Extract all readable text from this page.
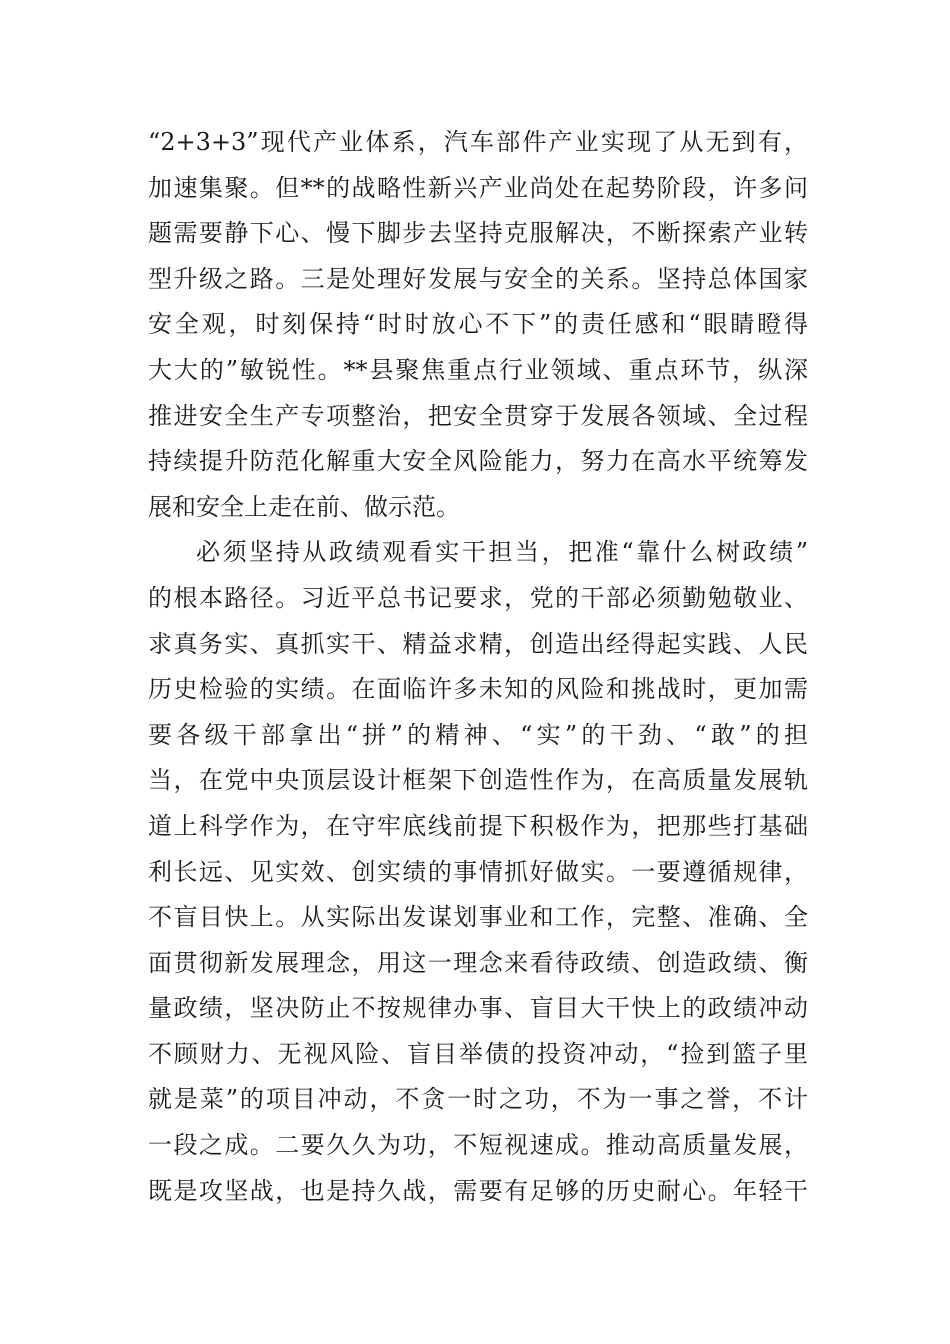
“2+3+3”现代产业体系，汽车部件产业实现了从无到有，
加速集聚。但**的战略性新兴产业尚处在起势阶段，许多问
题需要静下心、慢下脚步去坚持克服解决，不断探索产业转
型升级之路。三是处理好发展与安全的关系。坚持总体国家
安全观，时刻保持“时时放心不下”的责任感和“眼睛瞪得
大大的”敏锐性。**县聚焦重点行业领域、重点环节，纵深
推进安全生产专项整治，把安全贯穿于发展各领域、全过程
持续提升防范化解重大安全风险能力，努力在高水平统筹发
展和安全上走在前、做示范。
必须坚持从政绩观看实干担当，把准“靠什么树政绩”
的根本路径。习近平总书记要求，党的干部必须勤勉敬业、
求真务实、真抓实干、精益求精，创造出经得起实践、人民
历史检验的实绩。在面临许多未知的风险和挑战时，更加需
要各级干部拿出“拼”的精神、“实”的干劲、“敢”的担
当，在党中央顶层设计框架下创造性作为，在高质量发展轨
道上科学作为，在守牢底线前提下积极作为，把那些打基础
利长远、见实效、创实绩的事情抓好做实。一要遵循规律，
不盲目快上。从实际出发谋划事业和工作，完整、准确、全
面贯彻新发展理念，用这一理念来看待政绩、创造政绩、衡
量政绩，坚决防止不按规律办事、盲目大干快上的政绩冲动
不顾财力、无视风险、盲目举债的投资冲动，“捡到篮子里
就是菜”的项目冲动，不贪一时之功，不为一事之誉，不计
一段之成。二要久久为功，不短视速成。推动高质量发展，
既是攻坚战，也是持久战，需要有足够的历史耐心。年轻干
